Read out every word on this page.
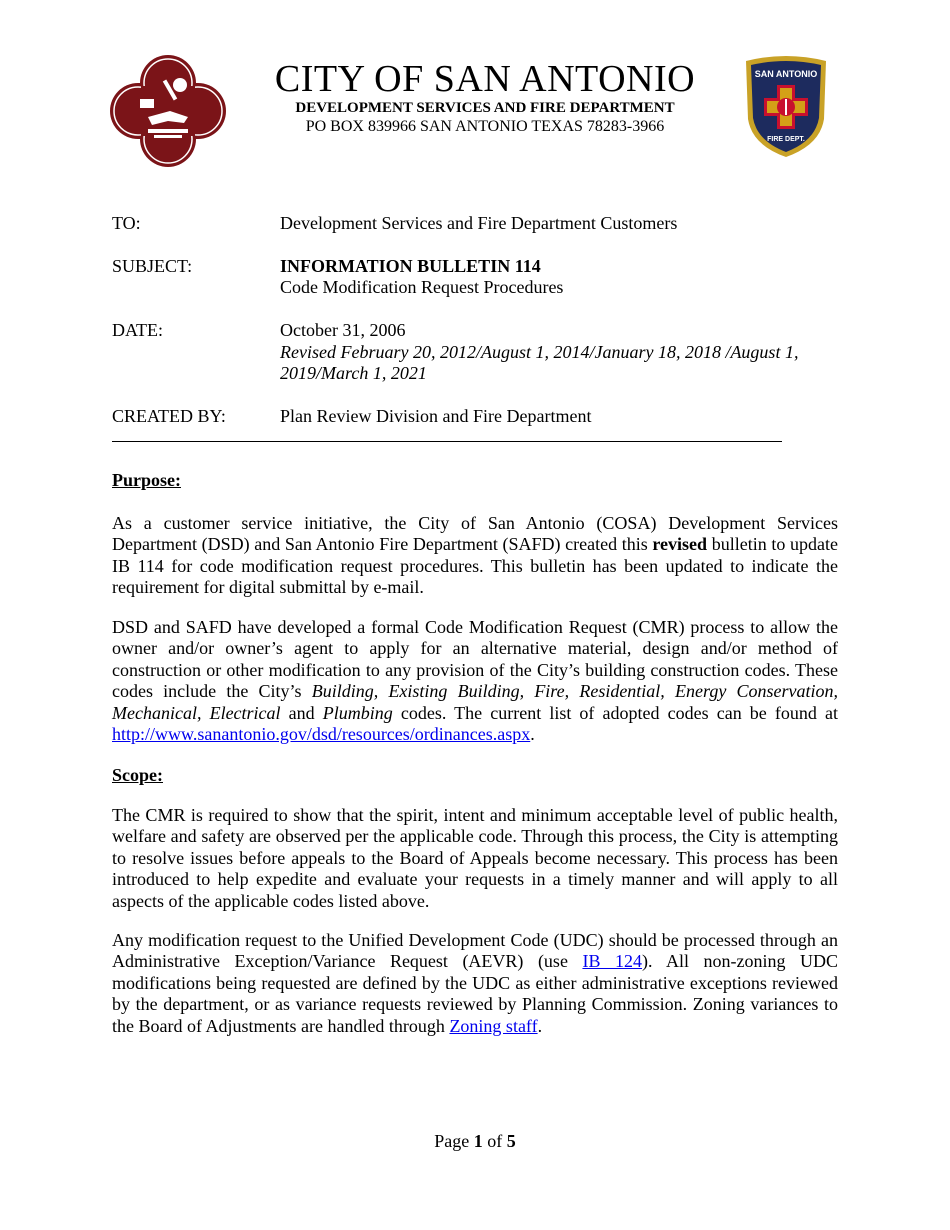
CITY OF SAN ANTONIO
DEVELOPMENT SERVICES AND FIRE DEPARTMENT
PO BOX 839966 SAN ANTONIO TEXAS 78283-3966
SAN ANTONIO
FIRE DEPT.
TO:	Development Services and Fire Department Customers
SUBJECT:	INFORMATION BULLETIN 114
Code Modification Request Procedures
DATE:	October 31, 2006
Revised February 20, 2012/August 1, 2014/January 18, 2018 /August 1, 2019/March 1, 2021
CREATED BY:	Plan Review Division and Fire Department
Purpose:
As a customer service initiative, the City of San Antonio (COSA) Development Services Department (DSD) and San Antonio Fire Department (SAFD) created this revised bulletin to update IB 114 for code modification request procedures. This bulletin has been updated to indicate the requirement for digital submittal by e-mail.
DSD and SAFD have developed a formal Code Modification Request (CMR) process to allow the owner and/or owner’s agent to apply for an alternative material, design and/or method of construction or other modification to any provision of the City’s building construction codes. These codes include the City’s Building, Existing Building, Fire, Residential, Energy Conservation, Mechanical, Electrical and Plumbing codes. The current list of adopted codes can be found at http://www.sanantonio.gov/dsd/resources/ordinances.aspx.
Scope:
The CMR is required to show that the spirit, intent and minimum acceptable level of public health, welfare and safety are observed per the applicable code. Through this process, the City is attempting to resolve issues before appeals to the Board of Appeals become necessary. This process has been introduced to help expedite and evaluate your requests in a timely manner and will apply to all aspects of the applicable codes listed above.
Any modification request to the Unified Development Code (UDC) should be processed through an Administrative Exception/Variance Request (AEVR) (use IB 124). All non-zoning UDC modifications being requested are defined by the UDC as either administrative exceptions reviewed by the department, or as variance requests reviewed by Planning Commission. Zoning variances to the Board of Adjustments are handled through Zoning staff.
Page 1 of 5
